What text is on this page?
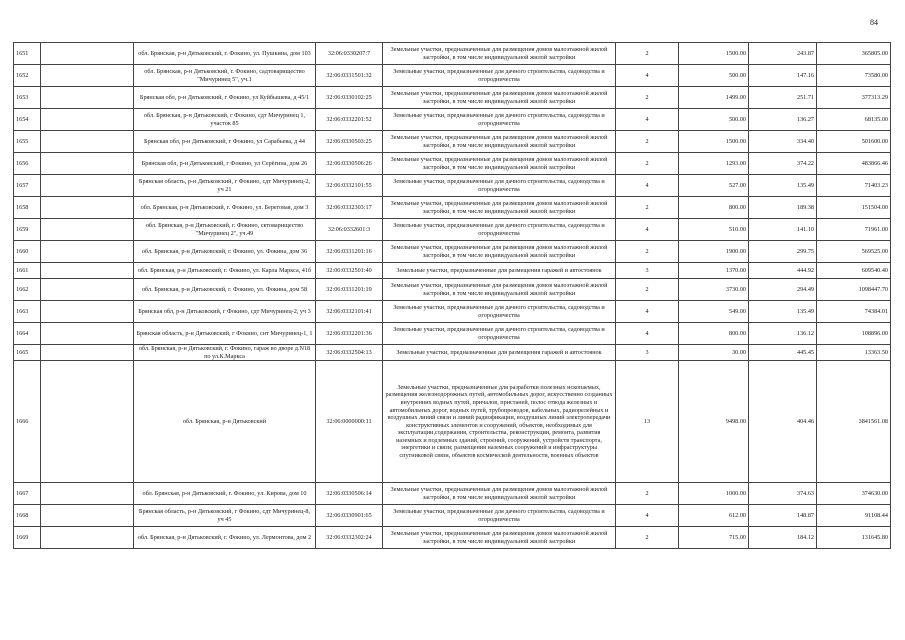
84
1651		обл. Брянская, р-н Дятьковский, г. Фокино, ул. Пушкина, дом 103	32:06:0330207:7	Земельные участки, предназначенные для размещения домов малоэтажной жилой застройки, в том числе индивидуальной жилой застройки	2	1500.00	243.87	365805.00
1652		обл. Брянская, р-н Дятьковский, г. Фокино, садтоварищество "Мичуринец 5", уч.1	32:06:0331501:32	Земельные участки, предназначенные для дачного строительства, садоводства и огородничества	4	500.00	147.16	73580.00
1653		Брянская обл, р-н Дятьковский, г Фокино, ул Куйбышева, д 45/1	32:06:0330102:25	Земельные участки, предназначенные для размещения домов малоэтажной жилой застройки, в том числе индивидуальной жилой застройки	2	1499.00	251.71	377313.29
1654		обл. Брянская, р-н Дятьковский, г Фокино, сдт Мичуринец 1, участок 85	32:06:0332201:52	Земельные участки, предназначенные для дачного строительства, садоводства и огородничества	4	500.00	136.27	68135.00
1655		Брянская обл, р-н Дятьковский, г Фокино, ул Сарабьева, д 44	32:06:0330503:25	Земельные участки, предназначенные для размещения домов малоэтажной жилой застройки, в том числе индивидуальной жилой застройки	2	1500.00	334.40	501600.00
1656		Брянская обл, р-н Дятьковский, г Фокино, ул Серёгина, дом 26	32:06:0330506:26	Земельные участки, предназначенные для размещения домов малоэтажной жилой застройки, в том числе индивидуальной жилой застройки	2	1293.00	374.22	483866.46
1657		Брянская область, р-н Дятьковский, г Фокино, сдт Мичуринец-2, уч 21	32:06:0332101:55	Земельные участки, предназначенные для дачного строительства, садоводства и огородничества	4	527.00	135.49	71403.23
1658		обл. Брянская, р-н Дятьковский, г. Фокино, ул. Береговая, дом 3	32:06:0332303:17	Земельные участки, предназначенные для размещения домов малоэтажной жилой застройки, в том числе индивидуальной жилой застройки	2	800.00	189.38	151504.00
1659		обл. Брянская, р-н Дятьковский, г. Фокино, сктоварищество "Мичуринец 2", уч.49	32:06:0332601:3	Земельные участки, предназначенные для дачного строительства, садоводства и огородничества	4	510.00	141.10	71961.00
1660		обл. Брянская, р-н Дятьковский, г. Фокино, ул. Фокина, дом 36	32:06:0331201:16	Земельные участки, предназначенные для размещения домов малоэтажной жилой застройки, в том числе индивидуальной жилой застройки	2	1900.00	299.75	569525.00
1661		обл. Брянская, р-н Дятьковский, г. Фокино, ул. Карла Маркса, 41б	32:06:0332501:40	Земельные участки, предназначенные для размещения гаражей и автостоянок	3	1370.00	444.92	609540.40
1662		обл. Брянская, р-н Дятьковский, г. Фокино, ул. Фокина, дом 58	32:06:0331201:19	Земельные участки, предназначенные для размещения домов малоэтажной жилой застройки, в том числе индивидуальной жилой застройки	2	3730.00	294.49	1098447.70
1663		Брянская обл, р-н Дятьковский, г Фокино, сдт Мичуринец-2, уч 3	32:06:0332101:41	Земельные участки, предназначенные для дачного строительства, садоводства и огородничества	4	549.00	135.49	74384.01
1664		Брянская область, р-н Дятьковский, г Фокино, снт Мичуринец-1, 1	32:06:0332201:36	Земельные участки, предназначенные для дачного строительства, садоводства и огородничества	4	800.00	136.12	108896.00
1665		обл. Брянская, р-н Дятьковский, г. Фокино, гараж во дворе д.N18 по ул.К.Маркса	32:06:0332504:13	Земельные участки, предназначенные для размещения гаражей и автостоянок	3	30.00	445.45	13363.50
1666		обл. Брянская, р-н Дятьковский	32:06:0000000:11	Земельные участки, предназначенные для разработки полезных ископаемых, размещения железнодорожных путей, автомобильных дорог, искусственно созданных внутренних водных путей, причалов, пристаней, полос отвода железных и автомобильных дорог, водных путей, трубопроводов, кабельных, радиорелейных и воздушных линий связи и линий радиофикации, воздушных линий электропередачи конструктивных элементов и сооружений, объектов, необходимых для эксплуатации,содержания, строительства, реконструкции, ремонта, развития наземных и подземных зданий, строений, сооружений, устройств транспорта, энергетики и связи; размещения наземных сооружений и инфраструктуры спутниковой связи, объектов космической деятельности, военных объектов	13	9498.00	404.46	3841561.08
1667		обл. Брянская, р-н Дятьковский, г. Фокино, ул. Кирова, дом 10	32:06:0330506:14	Земельные участки, предназначенные для размещения домов малоэтажной жилой застройки, в том числе индивидуальной жилой застройки	2	1000.00	374.63	374630.00
1668		Брянская область, р-н Дятьковский, г Фокино, сдт Мичуринец-8, уч 45	32:06:0330901:65	Земельные участки, предназначенные для дачного строительства, садоводства и огородничества	4	612.00	148.87	91108.44
1669		обл. Брянская, р-н Дятьковский, г. Фокино, ул. Лермонтова, дом 2	32:06:0332302:24	Земельные участки, предназначенные для размещения домов малоэтажной жилой застройки, в том числе индивидуальной жилой застройки	2	715.00	184.12	131645.80
